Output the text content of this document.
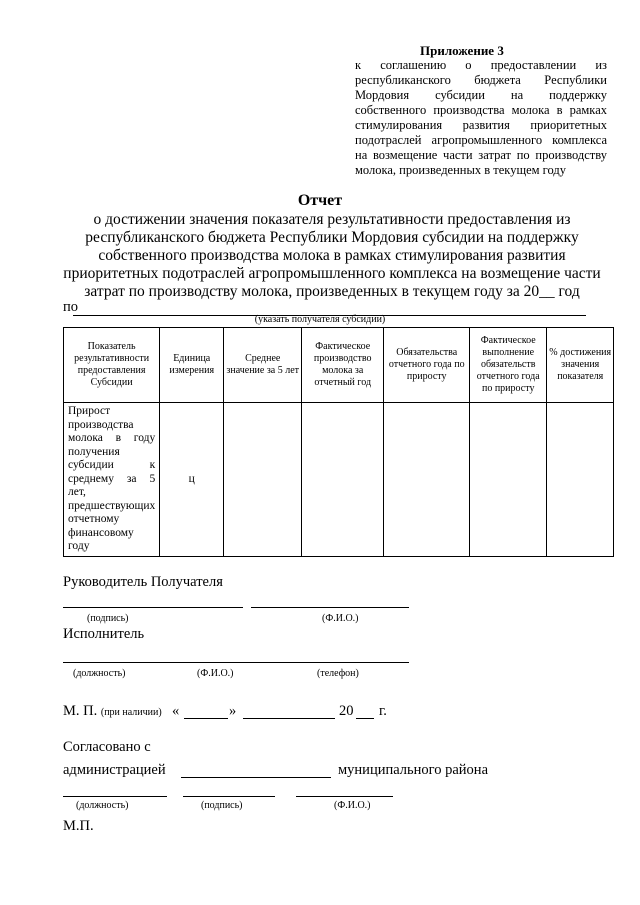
Приложение 3
к соглашению о предоставлении из республиканского бюджета Республики Мордовия субсидии на поддержку собственного производства молока в рамках стимулирования развития приоритетных подотраслей агропромышленного комплекса на возмещение части затрат по производству молока, произведенных в текущем году
Отчет
о достижении значения показателя результативности предоставления из республиканского бюджета Республики Мордовия субсидии на поддержку собственного производства молока в рамках стимулирования развития приоритетных подотраслей агропромышленного комплекса на возмещение части затрат по производству молока, произведенных в текущем году за 20__ год
по
(указать получателя субсидии)
Показатель результативности предоставления Субсидии	Единица измерения	Среднее значение за 5 лет	Фактическое производство молока за отчетный год	Обязательства отчетного года по приросту	Фактическое выполнение обязательств отчетного года по приросту	% достижения значения показателя
Прирост производства молока в году получения субсидии к среднему за 5 лет, предшествующих отчетному финансовому году	ц					
Руководитель Получателя
(подпись)	(Ф.И.О.)
Исполнитель
(должность)	(Ф.И.О.)	(телефон)
М. П. (при наличии) «	»	20 г.
Согласовано с
администрацией	муниципального района
(должность)	(подпись)	(Ф.И.О.)
М.П.
